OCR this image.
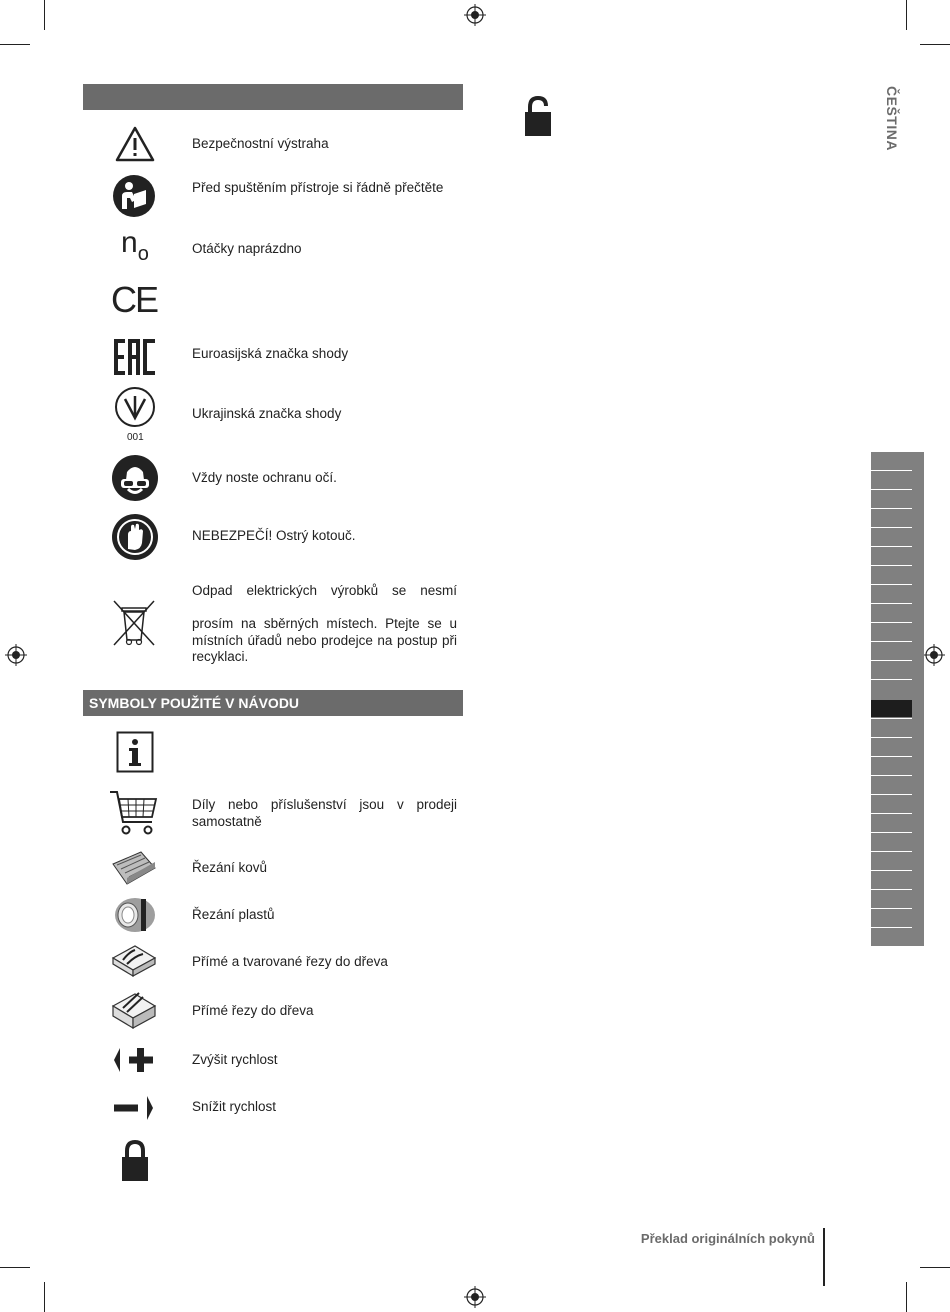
ČEŠTINA
Bezpečnostní výstraha
Před spuštěním přístroje si řádně přečtěte
$n_o$	Otáčky naprázdno
CE
Euroasijská značka shody
001
Ukrajinská značka shody
Vždy noste ochranu očí.
NEBEZPEČÍ! Ostrý kotouč.
Odpad elektrických výrobků se nesmí
prosím na sběrných místech. Ptejte se u místních úřadů nebo prodejce na postup při recyklaci.
SYMBOLY POUŽITÉ V NÁVODU
Díly nebo příslušenství jsou v prodeji samostatně
Řezání kovů
Řezání plastů
Přímé a tvarované řezy do dřeva
Přímé řezy do dřeva
Zvýšit rychlost
Snížit rychlost
Překlad originálních pokynů
